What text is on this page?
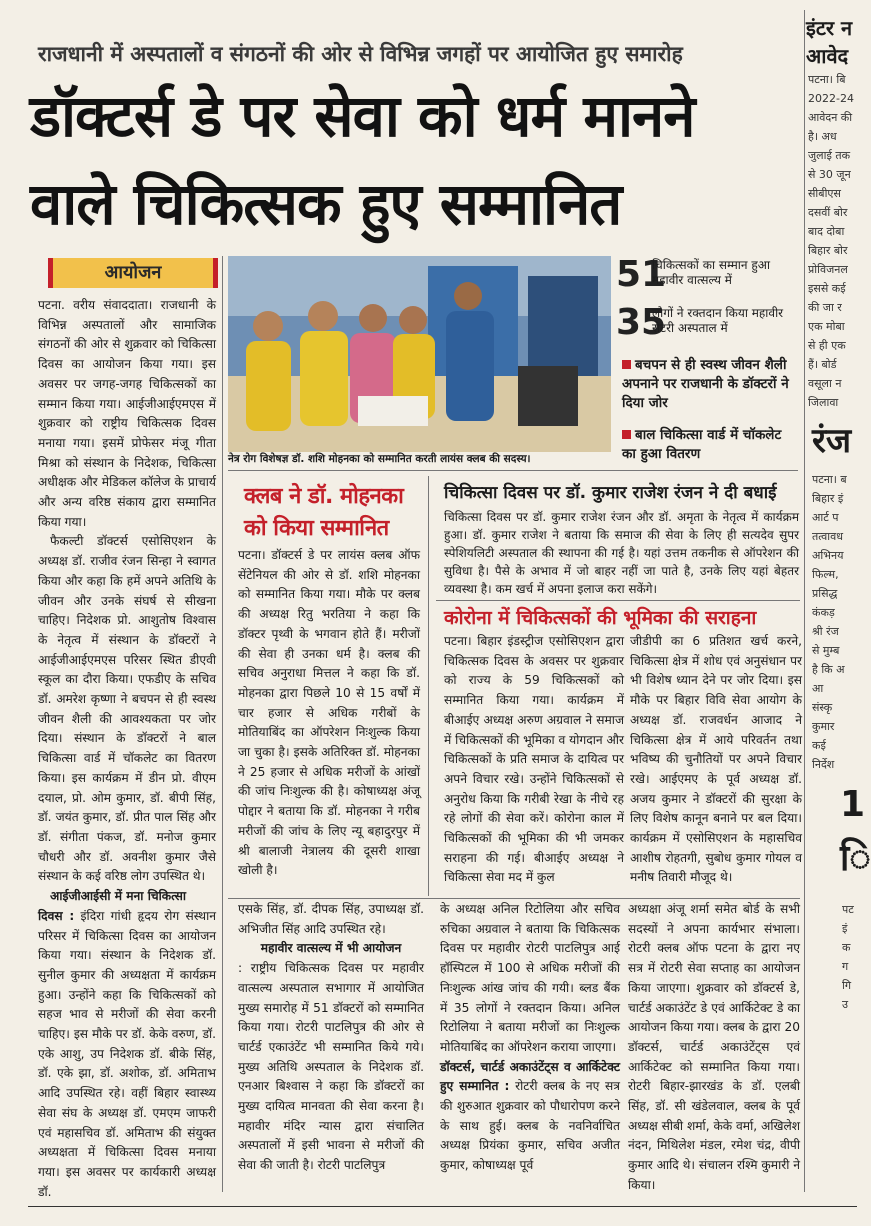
राजधानी में अस्पतालों व संगठनों की ओर से विभिन्न जगहों पर आयोजित हुए समारोह
डॉक्टर्स डे पर सेवा को धर्म मानने
वाले चिकित्सक हुए सम्मानित
आयोजन

पटना. वरीय संवाददाता। राजधानी के विभिन्न अस्पतालों और सामाजिक संगठनों की ओर से शुक्रवार को चिकित्सा दिवस का आयोजन किया गया। इस अवसर पर जगह-जगह चिकित्सकों का सम्मान किया गया। आईजीआईएमएस में शुक्रवार को राष्ट्रीय चिकित्सक दिवस मनाया गया। इसमें प्रोफेसर मंजू गीता मिश्रा को संस्थान के निदेशक, चिकित्सा अधीक्षक और मेडिकल कॉलेज के प्राचार्य और अन्य वरिष्ठ संकाय द्वारा सम्मानित किया गया।

फैकल्टी डॉक्टर्स एसोसिएशन के अध्यक्ष डॉ. राजीव रंजन सिन्हा ने स्वागत किया और कहा कि हमें अपने अतिथि के जीवन और उनके संघर्ष से सीखना चाहिए। निदेशक प्रो. आशुतोष विश्वास के नेतृत्व में संस्थान के डॉक्टरों ने आईजीआईएमएस परिसर स्थित डीएवी स्कूल का दौरा किया। एफडीए के सचिव डॉ. अमरेश कृष्णा ने बचपन से ही स्वस्थ जीवन शैली की आवश्यकता पर जोर दिया। संस्थान के डॉक्टरों ने बाल चिकित्सा वार्ड में चॉकलेट का वितरण किया। इस कार्यक्रम में डीन प्रो. वीएम दयाल, प्रो. ओम कुमार, डॉ. बीपी सिंह, डॉ. जयंत कुमार, डॉ. प्रीत पाल सिंह और डॉ. संगीता पंकज, डॉ. मनोज कुमार चौधरी और डॉ. अवनीश कुमार जैसे संस्थान के कई वरिष्ठ लोग उपस्थित थे।

आईजीआईसी में मना चिकित्सा

दिवस : इंदिरा गांधी हृदय रोग संस्थान परिसर में चिकित्सा दिवस का आयोजन किया गया। संस्थान के निदेशक डॉ. सुनील कुमार की अध्यक्षता में कार्यक्रम हुआ। उन्होंने कहा कि चिकित्सकों को सहज भाव से मरीजों की सेवा करनी चाहिए। इस मौके पर डॉ. केके वरुण, डॉ. एके आशु, उप निदेशक डॉ. बीके सिंह, डॉ. एके झा, डॉ. अशोक, डॉ. अमिताभ आदि उपस्थित रहे। वहीं बिहार स्वास्थ्य सेवा संघ के अध्यक्ष डॉ. एमएम जाफरी एवं महासचिव डॉ. अमिताभ की संयुक्त अध्यक्षता में चिकित्सा दिवस मनाया गया। इस अवसर पर कार्यकारी अध्यक्ष डॉ.

नेत्र रोग विशेषज्ञ डॉ. शशि मोहनका को सम्मानित करती लायंस क्लब की सदस्य।
51
चिकित्सकों का सम्मान हुआ महावीर वात्सल्य में
35
लोगों ने रक्तदान किया महावीर रोटरी अस्पताल में
बचपन से ही स्वस्थ जीवन शैली अपनाने पर राजधानी के डॉक्टरों ने दिया जोर
बाल चिकित्सा वार्ड में चॉकलेट का हुआ वितरण
क्लब ने डॉ. मोहनका
को किया सम्मानित
पटना। डॉक्टर्स डे पर लायंस क्लब ऑफ सेंटेनियल की ओर से डॉ. शशि मोहनका को सम्मानित किया गया। मौके पर क्लब की अध्यक्ष रितु भरतिया ने कहा कि डॉक्टर पृथ्वी के भगवान होते हैं। मरीजों की सेवा ही उनका धर्म है। क्लब की सचिव अनुराधा मित्तल ने कहा कि डॉ. मोहनका द्वारा पिछले 10 से 15 वर्षों में चार हजार से अधिक गरीबों के मोतियाबिंद का ऑपरेशन निःशुल्क किया जा चुका है। इसके अतिरिक्त डॉ. मोहनका ने 25 हजार से अधिक मरीजों के आंखों की जांच निःशुल्क की है। कोषाध्यक्ष अंजू पोद्दार ने बताया कि डॉ. मोहनका ने गरीब मरीजों की जांच के लिए न्यू बहादुरपुर में श्री बालाजी नेत्रालय की दूसरी शाखा खोली है।
चिकित्सा दिवस पर डॉ. कुमार राजेश रंजन ने दी बधाई
चिकित्सा दिवस पर डॉ. कुमार राजेश रंजन और डॉ. अमृता के नेतृत्व में कार्यक्रम हुआ। डॉ. कुमार राजेश ने बताया कि समाज की सेवा के लिए ही सत्यदेव सुपर स्पेशियलिटी अस्पताल की स्थापना की गई है। यहां उत्तम तकनीक से ऑपरेशन की सुविधा है। पैसे के अभाव में जो बाहर नहीं जा पाते है, उनके लिए यहां बेहतर व्यवस्था है। कम खर्च में अपना इलाज करा सकेंगे।
कोरोना में चिकित्सकों की भूमिका की सराहना
पटना। बिहार इंडस्ट्रीज एसोसिएशन द्वारा चिकित्सक दिवस के अवसर पर शुक्रवार को राज्य के 59 चिकित्सकों को सम्मानित किया गया। कार्यक्रम में बीआईए अध्यक्ष अरुण अग्रवाल ने समाज में चिकित्सकों की भूमिका व योगदान और चिकित्सकों के प्रति समाज के दायित्व पर अपने विचार रखे। उन्होंने चिकित्सकों से अनुरोध किया कि गरीबी रेखा के नीचे रह रहे लोगों की सेवा करें। कोरोना काल में चिकित्सकों की भूमिका की भी जमकर सराहना की गई। बीआईए अध्यक्ष ने चिकित्सा सेवा मद में कुल
जीडीपी का 6 प्रतिशत खर्च करने, चिकित्सा क्षेत्र में शोध एवं अनुसंधान पर भी विशेष ध्यान देने पर जोर दिया। इस मौके पर बिहार विवि सेवा आयोग के अध्यक्ष डॉ. राजवर्धन आजाद ने चिकित्सा क्षेत्र में आये परिवर्तन तथा भविष्य की चुनौतियों पर अपने विचार रखे। आईएमए के पूर्व अध्यक्ष डॉ. अजय कुमार ने डॉक्टरों की सुरक्षा के लिए विशेष कानून बनाने पर बल दिया। कार्यक्रम में एसोसिएशन के महासचिव आशीष रोहतगी, सुबोध कुमार गोयल व मनीष तिवारी मौजूद थे।

एसके सिंह, डॉ. दीपक सिंह, उपाध्यक्ष डॉ. अभिजीत सिंह आदि उपस्थित रहे।

महावीर वात्सल्य में भी आयोजन

: राष्ट्रीय चिकित्सक दिवस पर महावीर वात्सल्य अस्पताल सभागार में आयोजित मुख्य समारोह में 51 डॉक्टरों को सम्मानित किया गया। रोटरी पाटलिपुत्र की ओर से चार्टर्ड एकाउंटेंट भी सम्मानित किये गये। मुख्य अतिथि अस्पताल के निदेशक डॉ. एनआर बिश्वास ने कहा कि डॉक्टरों का मुख्य दायित्व मानवता की सेवा करना है। महावीर मंदिर न्यास द्वारा संचालित अस्पतालों में इसी भावना से मरीजों की सेवा की जाती है। रोटरी पाटलिपुत्र

के अध्यक्ष अनिल रिटोलिया और सचिव रुचिका अग्रवाल ने बताया कि चिकित्सक दिवस पर महावीर रोटरी पाटलिपुत्र आई हॉस्पिटल में 100 से अधिक मरीजों की निःशुल्क आंख जांच की गयी। ब्लड बैंक में 35 लोगों ने रक्तदान किया। अनिल रिटोलिया ने बताया मरीजों का निःशुल्क मोतियाबिंद का ऑपरेशन कराया जाएगा।

डॉक्टर्स, चार्टर्ड अकाउंटेंट्स व आर्किटेक्ट हुए सम्मानित : रोटरी क्लब के नए सत्र की शुरुआत शुक्रवार को पौधारोपण करने के साथ हुई। क्लब के नवनिर्वाचित अध्यक्ष प्रियंका कुमार, सचिव अजीत कुमार, कोषाध्यक्ष पूर्व

अध्यक्षा अंजू शर्मा समेत बोर्ड के सभी सदस्यों ने अपना कार्यभार संभाला। रोटरी क्लब ऑफ पटना के द्वारा नए सत्र में रोटरी सेवा सप्ताह का आयोजन किया जाएगा। शुक्रवार को डॉक्टर्स डे, चार्टर्ड अकाउंटेंट डे एवं आर्किटेक्ट डे का आयोजन किया गया। क्लब के द्वारा 20 डॉक्टर्स, चार्टर्ड अकाउंटेंट्स एवं आर्किटेक्ट को सम्मानित किया गया। रोटरी बिहार-झारखंड के डॉ. एलबी सिंह, डॉ. सी खंडेलवाल, क्लब के पूर्व अध्यक्ष सीबी शर्मा, केके वर्मा, अखिलेश नंदन, मिथिलेश मंडल, रमेश चंद्र, वीपी कुमार आदि थे। संचालन रश्मि कुमारी ने किया।
इंटर न
आवेद
पटना। बि
2022-24
आवेदन की
है। अध
जुलाई तक
से 30 जून
सीबीएस
दसवीं बोर
बाद दोबा
बिहार बोर
प्रोविजनल
इससे कई
की जा र
एक मोबा
से ही एक
हैं। बोर्ड
वसूला न
जिलावा
रंज
पटना। ब
बिहार इं
आर्ट प
तत्वावध
अभिनय
फिल्म,
प्रसिद्ध
कंकड़
श्री रंज
से मुम्ब
है कि अ
आ
संस्कृ
कुमार
कई
निर्देश
1
ि
पट
इं
क
ग
गि
उ
